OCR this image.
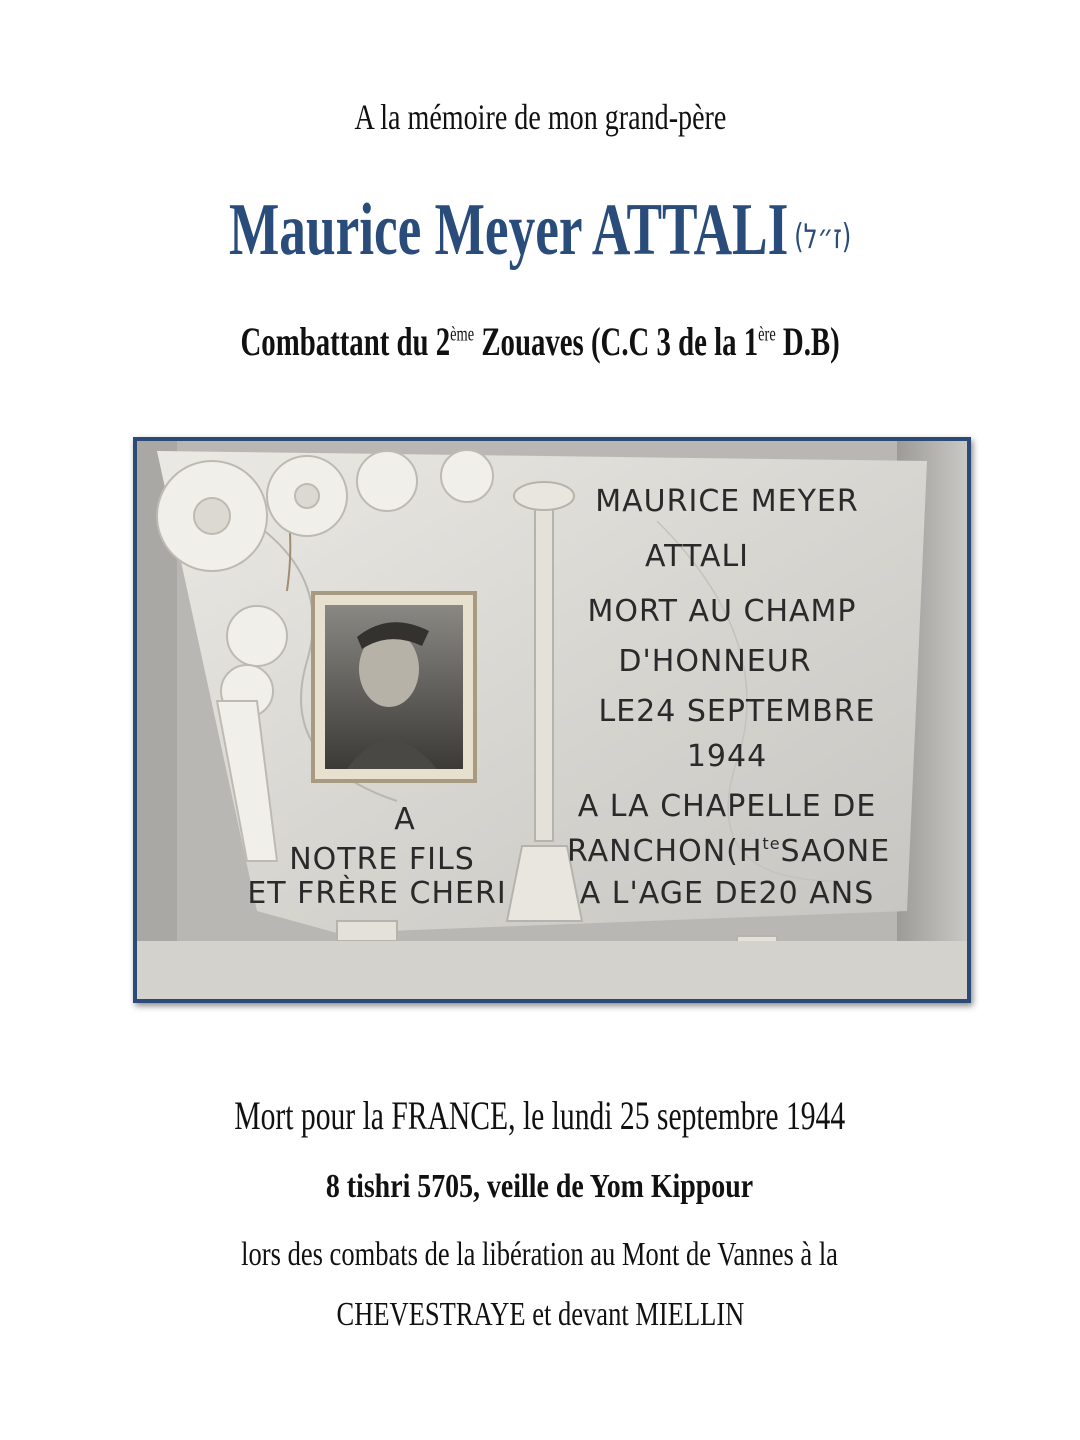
A la mémoire de mon grand-père
Maurice Meyer ATTALI (ז״ל)
Combattant du 2ème Zouaves (C.C 3 de la 1ère D.B)
MAURICE MEYER
ATTALI
MORT AU CHAMP
D'HONNEUR
LE24 SEPTEMBRE
1944
A LA CHAPELLE DE
$RANCHON(H^{te}SAONE$
A L'AGE DE20 ANS
A
NOTRE FILS
ET FRÈRE CHERI
Mort pour la FRANCE, le lundi 25 septembre 1944
8 tishri 5705, veille de Yom Kippour
lors des combats de la libération au Mont de Vannes à la
CHEVESTRAYE et devant MIELLIN
